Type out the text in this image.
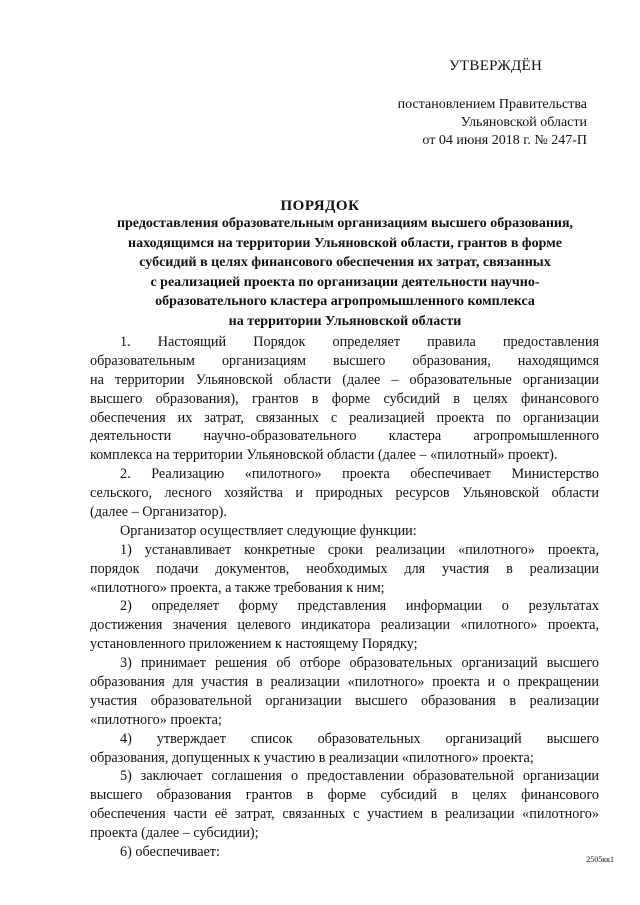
УТВЕРЖДЁН
постановлением Правительства
Ульяновской области
от 04 июня 2018 г. № 247-П
ПОРЯДОК
предоставления образовательным организациям высшего образования,
находящимся на территории Ульяновской области, грантов в форме
субсидий в целях финансового обеспечения их затрат, связанных
с реализацией проекта по организации деятельности научно-
образовательного кластера агропромышленного комплекса
на территории Ульяновской области
1. Настоящий Порядок определяет правила предоставления
образовательным организациям высшего образования, находящимся
на территории Ульяновской области (далее – образовательные организации
высшего образования), грантов в форме субсидий в целях финансового
обеспечения их затрат, связанных с реализацией проекта по организации
деятельности научно-образовательного кластера агропромышленного
комплекса на территории Ульяновской области (далее – «пилотный» проект).
2. Реализацию «пилотного» проекта обеспечивает Министерство
сельского, лесного хозяйства и природных ресурсов Ульяновской области
(далее – Организатор).
Организатор осуществляет следующие функции:
1) устанавливает конкретные сроки реализации «пилотного» проекта,
порядок подачи документов, необходимых для участия в реализации
«пилотного» проекта, а также требования к ним;
2) определяет форму представления информации о результатах
достижения значения целевого индикатора реализации «пилотного» проекта,
установленного приложением к настоящему Порядку;
3) принимает решения об отборе образовательных организаций высшего
образования для участия в реализации «пилотного» проекта и о прекращении
участия образовательной организации высшего образования в реализации
«пилотного» проекта;
4) утверждает список образовательных организаций высшего
образования, допущенных к участию в реализации «пилотного» проекта;
5) заключает соглашения о предоставлении образовательной организации
высшего образования грантов в форме субсидий в целях финансового
обеспечения части её затрат, связанных с участием в реализации «пилотного»
проекта (далее – субсидии);
6) обеспечивает:	2505кк1
